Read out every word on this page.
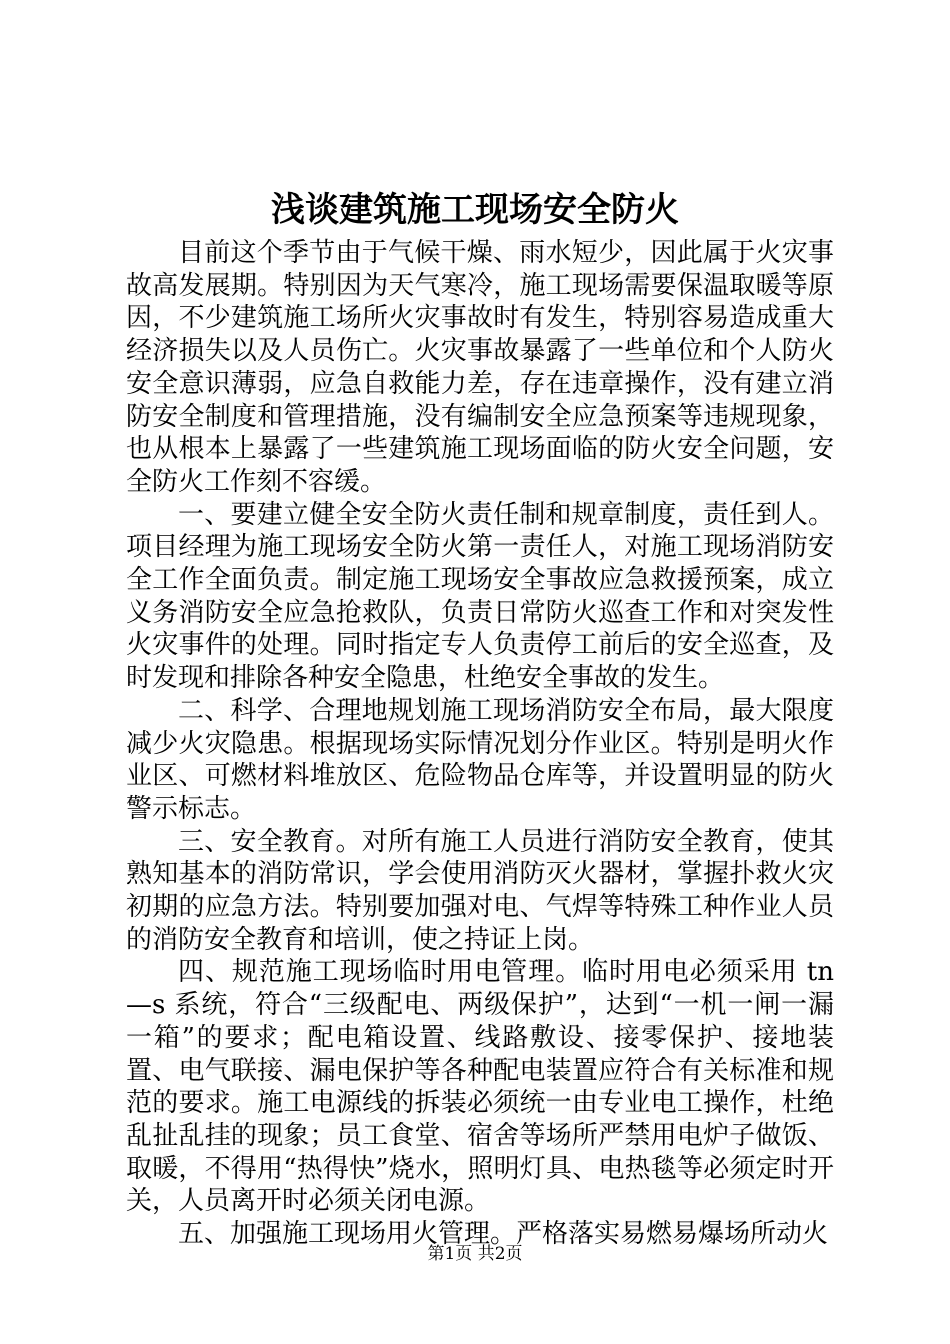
浅谈建筑施工现场安全防火

目前这个季节由于气候干燥、雨水短少，因此属于火灾事故高发展期。特别因为天气寒冷，施工现场需要保温取暖等原因，不少建筑施工场所火灾事故时有发生，特别容易造成重大经济损失以及人员伤亡。火灾事故暴露了一些单位和个人防火安全意识薄弱，应急自救能力差，存在违章操作，没有建立消防安全制度和管理措施，没有编制安全应急预案等违规现象，也从根本上暴露了一些建筑施工现场面临的防火安全问题，安全防火工作刻不容缓。

一、要建立健全安全防火责任制和规章制度，责任到人。项目经理为施工现场安全防火第一责任人，对施工现场消防安全工作全面负责。制定施工现场安全事故应急救援预案，成立义务消防安全应急抢救队，负责日常防火巡查工作和对突发性火灾事件的处理。同时指定专人负责停工前后的安全巡查，及时发现和排除各种安全隐患，杜绝安全事故的发生。

二、科学、合理地规划施工现场消防安全布局，最大限度减少火灾隐患。根据现场实际情况划分作业区。特别是明火作业区、可燃材料堆放区、危险物品仓库等，并设置明显的防火警示标志。

三、安全教育。对所有施工人员进行消防安全教育，使其熟知基本的消防常识，学会使用消防灭火器材，掌握扑救火灾初期的应急方法。特别要加强对电、气焊等特殊工种作业人员的消防安全教育和培训，使之持证上岗。

四、规范施工现场临时用电管理。临时用电必须采用 tn—s 系统，符合“三级配电、两级保护”，达到“一机一闸一漏一箱”的要求；配电箱设置、线路敷设、接零保护、接地装置、电气联接、漏电保护等各种配电装置应符合有关标准和规范的要求。施工电源线的拆装必须统一由专业电工操作，杜绝乱扯乱挂的现象；员工食堂、宿舍等场所严禁用电炉子做饭、取暖，不得用“热得快”烧水，照明灯具、电热毯等必须定时开关，人员离开时必须关闭电源。

五、加强施工现场用火管理。严格落实易燃易爆场所动火

第1页 共2页
